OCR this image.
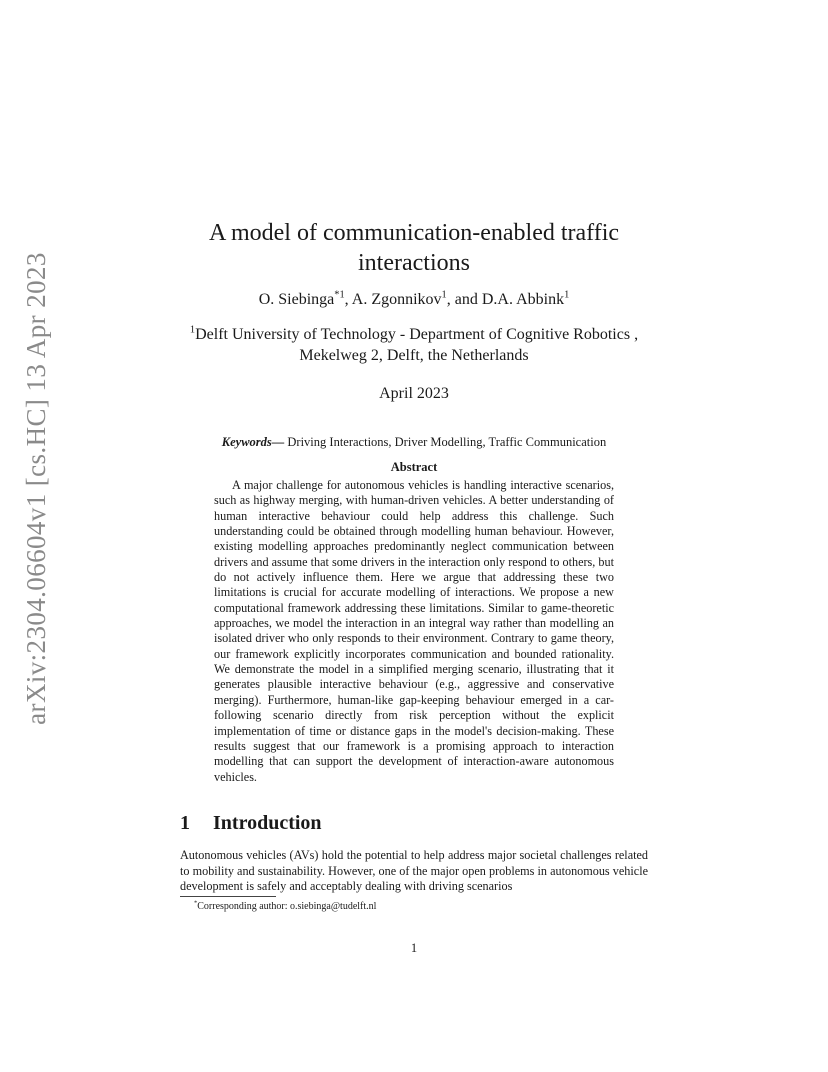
arXiv:2304.06604v1 [cs.HC] 13 Apr 2023
A model of communication-enabled traffic interactions
O. Siebinga$^{*1}$, A. Zgonnikov$^1$, and D.A. Abbink$^1$
$^1$Delft University of Technology - Department of Cognitive Robotics , Mekelweg 2, Delft, the Netherlands
April 2023
Keywords— Driving Interactions, Driver Modelling, Traffic Communication
Abstract
A major challenge for autonomous vehicles is handling interactive scenarios, such as highway merging, with human-driven vehicles. A better understanding of human interactive behaviour could help address this challenge. Such understanding could be obtained through modelling human behaviour. However, existing modelling approaches predominantly neglect communication between drivers and assume that some drivers in the interaction only respond to others, but do not actively influence them. Here we argue that addressing these two limitations is crucial for accurate modelling of interactions. We propose a new computational framework addressing these limitations. Similar to game-theoretic approaches, we model the interaction in an integral way rather than modelling an isolated driver who only responds to their environment. Contrary to game theory, our framework explicitly incorporates communication and bounded rationality. We demonstrate the model in a simplified merging scenario, illustrating that it generates plausible interactive behaviour (e.g., aggressive and conservative merging). Furthermore, human-like gap-keeping behaviour emerged in a car-following scenario directly from risk perception without the explicit implementation of time or distance gaps in the model's decision-making. These results suggest that our framework is a promising approach to interaction modelling that can support the development of interaction-aware autonomous vehicles.
1 Introduction
Autonomous vehicles (AVs) hold the potential to help address major societal challenges related to mobility and sustainability. However, one of the major open problems in autonomous vehicle development is safely and acceptably dealing with driving scenarios
*Corresponding author: o.siebinga@tudelft.nl
1
